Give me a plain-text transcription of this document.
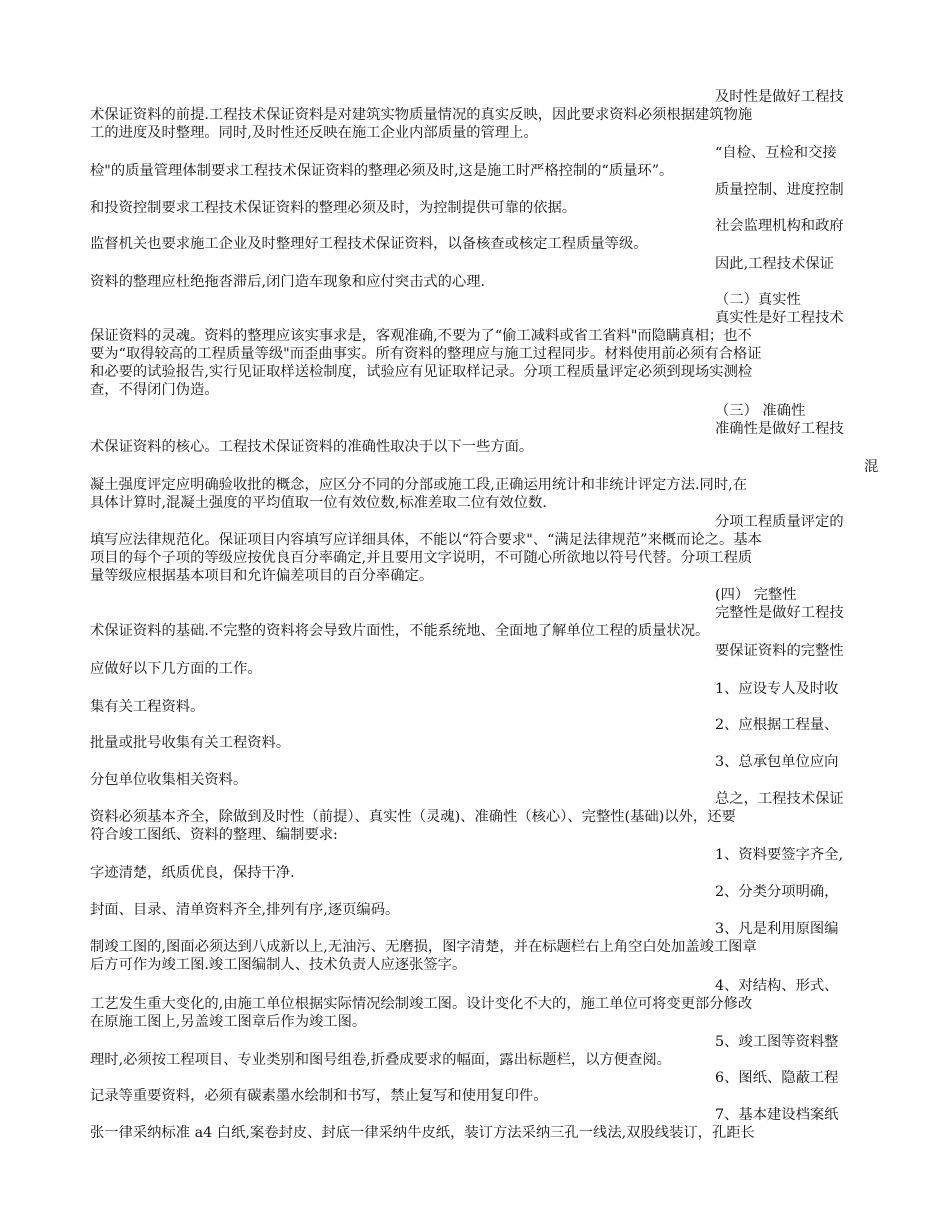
及时性是做好工程技
术保证资料的前提.工程技术保证资料是对建筑实物质量情况的真实反映，因此要求资料必须根据建筑物施
工的进度及时整理。同时,及时性还反映在施工企业内部质量的管理上。
“自检、互检和交接
检"的质量管理体制要求工程技术保证资料的整理必须及时,这是施工时严格控制的“质量环”。
质量控制、进度控制
和投资控制要求工程技术保证资料的整理必须及时，为控制提供可靠的依据。
社会监理机构和政府
监督机关也要求施工企业及时整理好工程技术保证资料，以备核查或核定工程质量等级。
因此,工程技术保证
资料的整理应杜绝拖沓滞后,闭门造车现象和应付突击式的心理.
（二）真实性
真实性是好工程技术
保证资料的灵魂。资料的整理应该实事求是，客观准确,不要为了“偷工减料或省工省料"而隐瞒真相；也不
要为“取得较高的工程质量等级"而歪曲事实。所有资料的整理应与施工过程同步。材料使用前必须有合格证
和必要的试验报告,实行见证取样送检制度，试验应有见证取样记录。分项工程质量评定必须到现场实测检
查，不得闭门伪造。
（三） 准确性
准确性是做好工程技
术保证资料的核心。工程技术保证资料的准确性取决于以下一些方面。
混
凝土强度评定应明确验收批的概念，应区分不同的分部或施工段,正确运用统计和非统计评定方法.同时,在
具体计算时,混凝土强度的平均值取一位有效位数,标准差取二位有效位数.
分项工程质量评定的
填写应法律规范化。保证项目内容填写应详细具体，不能以“符合要求"、“满足法律规范”来概而论之。基本
项目的每个子项的等级应按优良百分率确定,并且要用文字说明，不可随心所欲地以符号代替。分项工程质
量等级应根据基本项目和允许偏差项目的百分率确定。
(四） 完整性
完整性是做好工程技
术保证资料的基础.不完整的资料将会导致片面性，不能系统地、全面地了解单位工程的质量状况。
要保证资料的完整性
应做好以下几方面的工作。
1、应设专人及时收
集有关工程资料。
2、应根据工程量、
批量或批号收集有关工程资料。
3、总承包单位应向
分包单位收集相关资料。
总之，工程技术保证
资料必须基本齐全，除做到及时性（前提）、真实性（灵魂)、准确性（核心）、完整性(基础)以外，还要
符合竣工图纸、资料的整理、编制要求:
1、资料要签字齐全,
字迹清楚，纸质优良，保持干净.
2、分类分项明确，
封面、目录、清单资料齐全,排列有序,逐页编码。
3、凡是利用原图编
制竣工图的,图面必须达到八成新以上,无油污、无磨损，图字清楚，并在标题栏右上角空白处加盖竣工图章
后方可作为竣工图.竣工图编制人、技术负责人应逐张签字。
4、对结构、形式、
工艺发生重大变化的,由施工单位根据实际情况绘制竣工图。设计变化不大的，施工单位可将变更部分修改
在原施工图上,另盖竣工图章后作为竣工图。
5、竣工图等资料整
理时,必须按工程项目、专业类别和图号组卷,折叠成要求的幅面，露出标题栏，以方便查阅。
6、图纸、隐蔽工程
记录等重要资料，必须有碳素墨水绘制和书写，禁止复写和使用复印件。
7、基本建设档案纸
张一律采纳标准 a4 白纸,案卷封皮、封底一律采纳牛皮纸，装订方法采纳三孔一线法,双股线装订，孔距长
